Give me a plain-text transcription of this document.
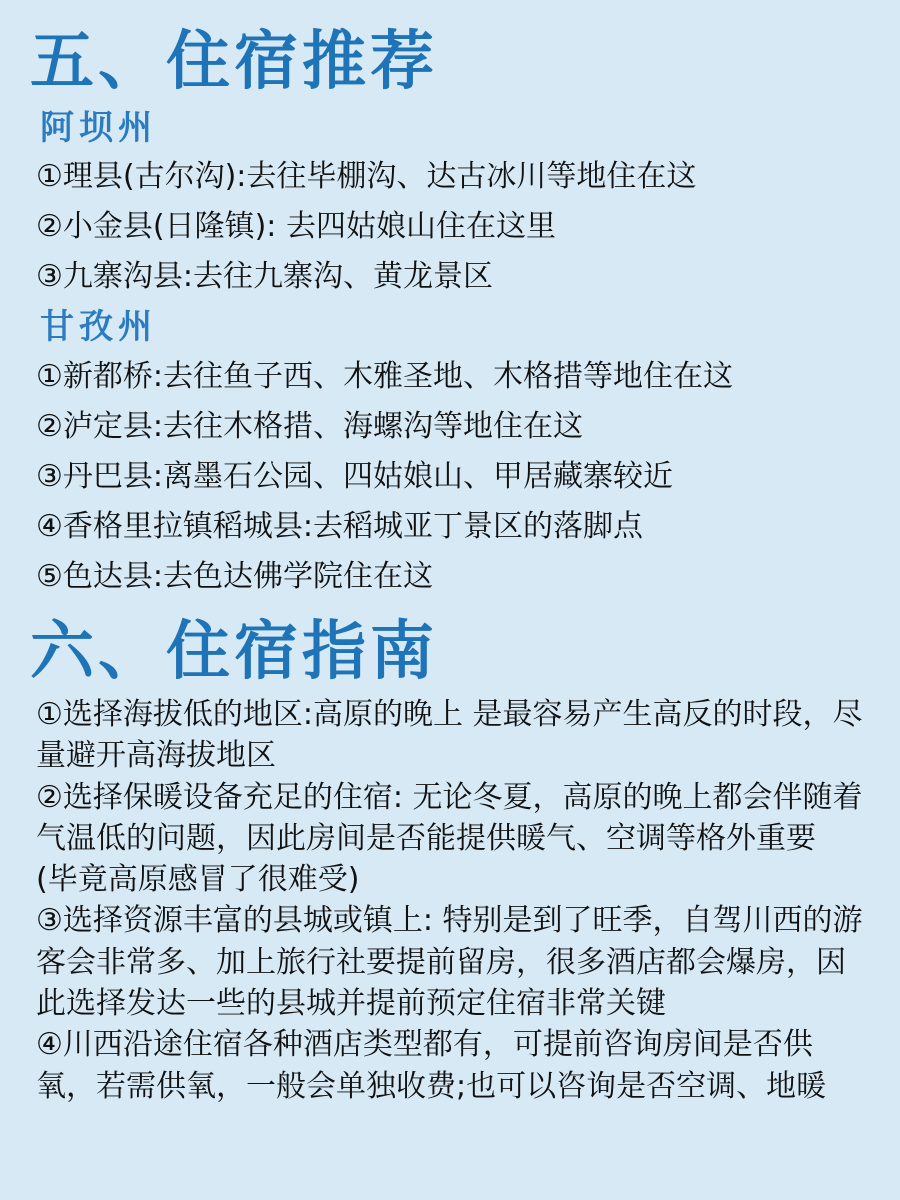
五、住宿推荐
阿坝州

①理县(古尔沟):去往毕棚沟、达古冰川等地住在这

②小金县(日隆镇): 去四姑娘山住在这里

③九寨沟县:去往九寨沟、黄龙景区

甘孜州

①新都桥:去往鱼子西、木雅圣地、木格措等地住在这

②泸定县:去往木格措、海螺沟等地住在这

③丹巴县:离墨石公园、四姑娘山、甲居藏寨较近

④香格里拉镇稻城县:去稻城亚丁景区的落脚点

⑤色达县:去色达佛学院住在这

六、住宿指南

①选择海拔低的地区:高原的晚上 是最容易产生高反的时段，尽量避开高海拔地区

②选择保暖设备充足的住宿: 无论冬夏，高原的晚上都会伴随着气温低的问题，因此房间是否能提供暖气、空调等格外重要 (毕竟高原感冒了很难受)

③选择资源丰富的县城或镇上: 特别是到了旺季，自驾川西的游客会非常多、加上旅行社要提前留房，很多酒店都会爆房，因此选择发达一些的县城并提前预定住宿非常关键

④川西沿途住宿各种酒店类型都有，可提前咨询房间是否供氧，若需供氧，一般会单独收费;也可以咨询是否空调、地暖
